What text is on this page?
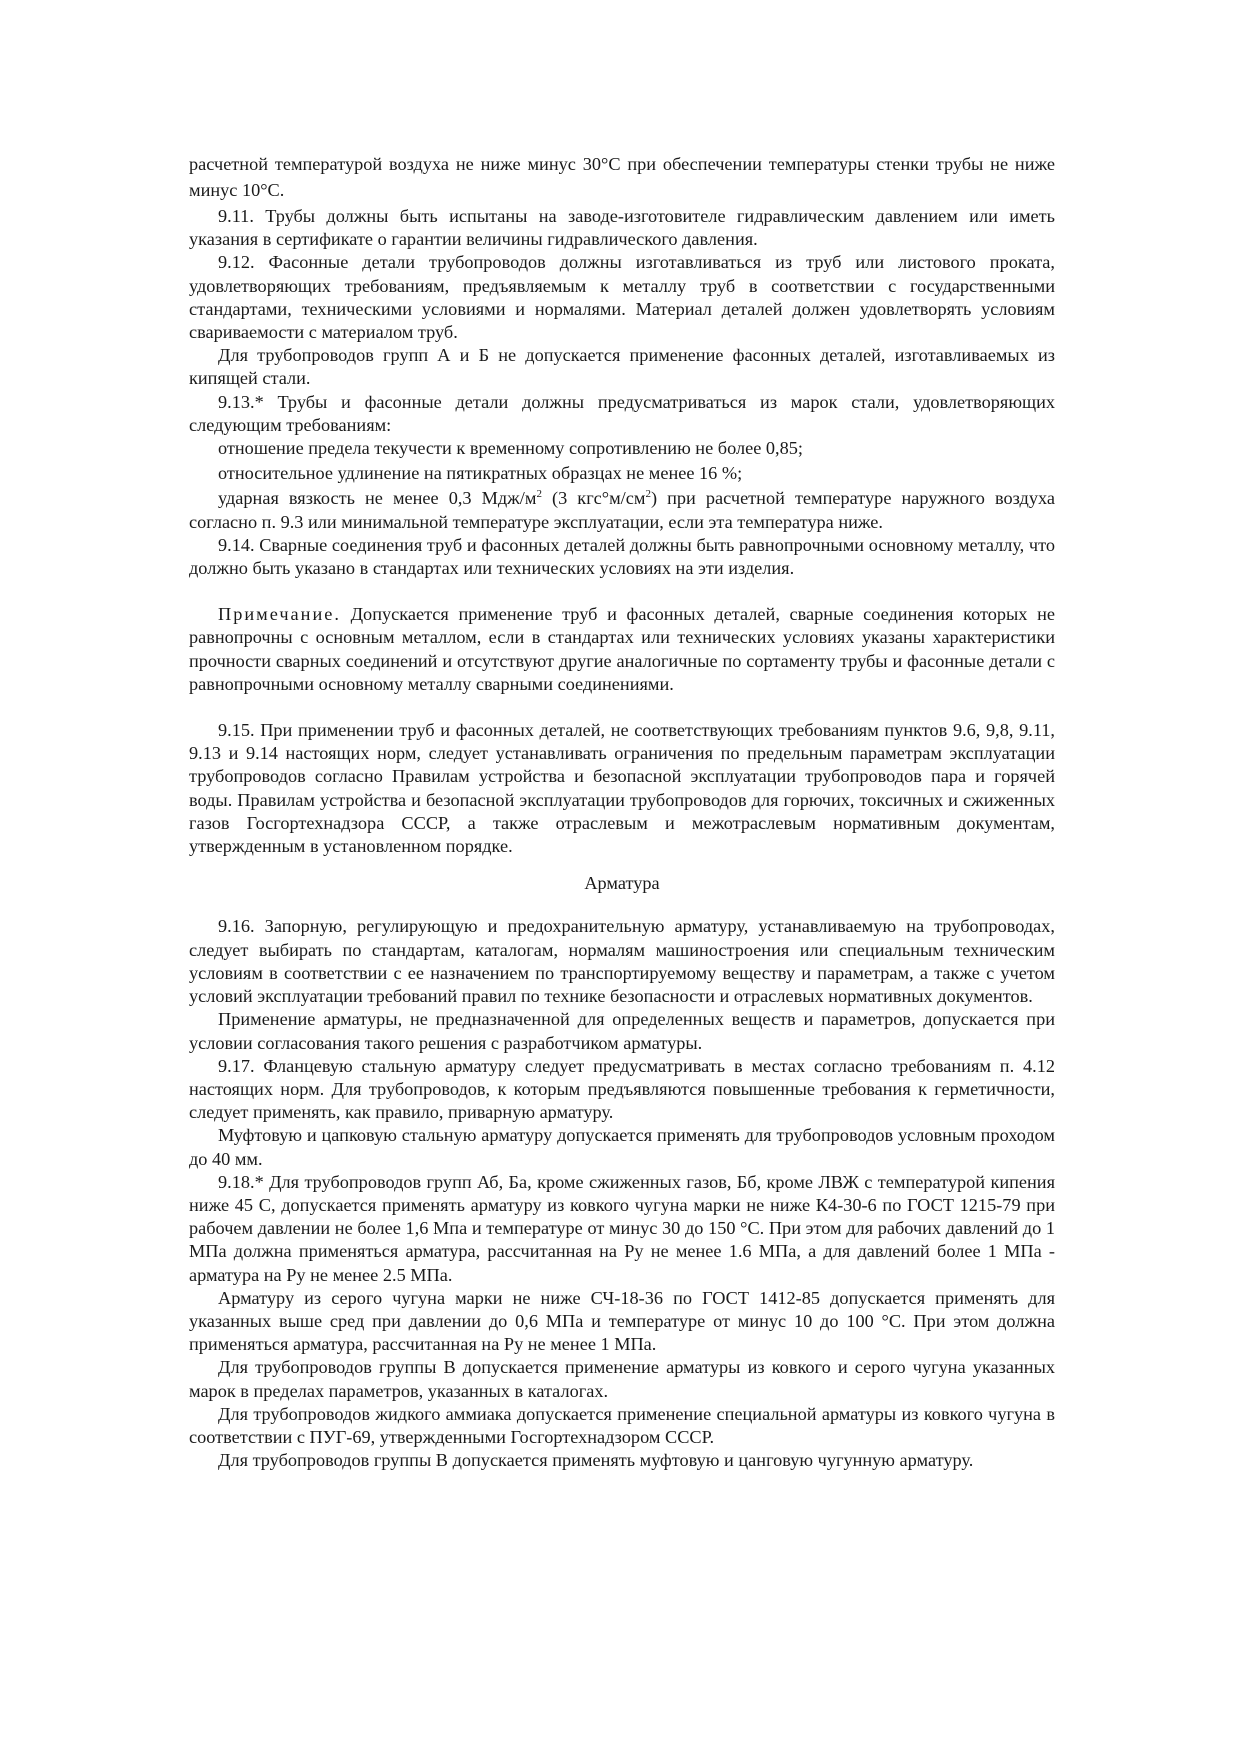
расчетной температурой воздуха не ниже минус 30°С при обеспечении температуры стенки трубы не ниже минус 10°С.

9.11. Трубы должны быть испытаны на заводе-изготовителе гидравлическим давлением или иметь указания в сертификате о гарантии величины гидравлического давления.

9.12. Фасонные детали трубопроводов должны изготавливаться из труб или листового проката, удовлетворяющих требованиям, предъявляемым к металлу труб в соответствии с государственными стандартами, техническими условиями и нормалями. Материал деталей должен удовлетворять условиям свариваемости с материалом труб.

Для трубопроводов групп А и Б не допускается применение фасонных деталей, изготавливаемых из кипящей стали.

9.13.* Трубы и фасонные детали должны предусматриваться из марок стали, удовлетворяющих следующим требованиям:

отношение предела текучести к временному сопротивлению не более 0,85;

относительное удлинение на пятикратных образцах не менее 16 %;

ударная вязкость не менее 0,3 Мдж/$м^2$ (3 $кгс^\circ м/см^2$) при расчетной температуре наружного воздуха согласно п. 9.3 или минимальной температуре эксплуатации, если эта температура ниже.

9.14. Сварные соединения труб и фасонных деталей должны быть равнопрочными основному металлу, что должно быть указано в стандартах или технических условиях на эти изделия.

Примечание. Допускается применение труб и фасонных деталей, сварные соединения которых не равнопрочны с основным металлом, если в стандартах или технических условиях указаны характеристики прочности сварных соединений и отсутствуют другие аналогичные по сортаменту трубы и фасонные детали с равнопрочными основному металлу сварными соединениями.

9.15. При применении труб и фасонных деталей, не соответствующих требованиям пунктов 9.6, 9,8, 9.11, 9.13 и 9.14 настоящих норм, следует устанавливать ограничения по предельным параметрам эксплуатации трубопроводов согласно Правилам устройства и безопасной эксплуатации трубопроводов пара и горячей воды. Правилам устройства и безопасной эксплуатации трубопроводов для горючих, токсичных и сжиженных газов Госгортехнадзора СССР, а также отраслевым и межотраслевым нормативным документам, утвержденным в установленном порядке.

Арматура

9.16. Запорную, регулирующую и предохранительную арматуру, устанавливаемую на трубопроводах, следует выбирать по стандартам, каталогам, нормалям машиностроения или специальным техническим условиям в соответствии с ее назначением по транспортируемому веществу и параметрам, а также с учетом условий эксплуатации требований правил по технике безопасности и отраслевых нормативных документов.

Применение арматуры, не предназначенной для определенных веществ и параметров, допускается при условии согласования такого решения с разработчиком арматуры.

9.17. Фланцевую стальную арматуру следует предусматривать в местах согласно требованиям п. 4.12 настоящих норм. Для трубопроводов, к которым предъявляются повышенные требования к герметичности, следует применять, как правило, приварную арматуру.

Муфтовую и цапковую стальную арматуру допускается применять для трубопроводов условным проходом до 40 мм.

9.18.* Для трубопроводов групп Аб, Ба, кроме сжиженных газов, Бб, кроме ЛВЖ с температурой кипения ниже 45 С, допускается применять арматуру из ковкого чугуна марки не ниже К4-30-6 по ГОСТ 1215-79 при рабочем давлении не более 1,6 Мпа и температуре от минус 30 до 150 °С. При этом для рабочих давлений до 1 МПа должна применяться арматура, рассчитанная на Ру не менее 1.6 МПа, а для давлений более 1 МПа - арматура на Ру не менее 2.5 МПа.

Арматуру из серого чугуна марки не ниже СЧ-18-36 по ГОСТ 1412-85 допускается применять для указанных выше сред при давлении до 0,6 МПа и температуре от минус 10 до 100 °С. При этом должна применяться арматура, рассчитанная на Ру не менее 1 МПа.

Для трубопроводов группы В допускается применение арматуры из ковкого и серого чугуна указанных марок в пределах параметров, указанных в каталогах.

Для трубопроводов жидкого аммиака допускается применение специальной арматуры из ковкого чугуна в соответствии с ПУГ-69, утвержденными Госгортехнадзором СССР.

Для трубопроводов группы В допускается применять муфтовую и цанговую чугунную арматуру.
